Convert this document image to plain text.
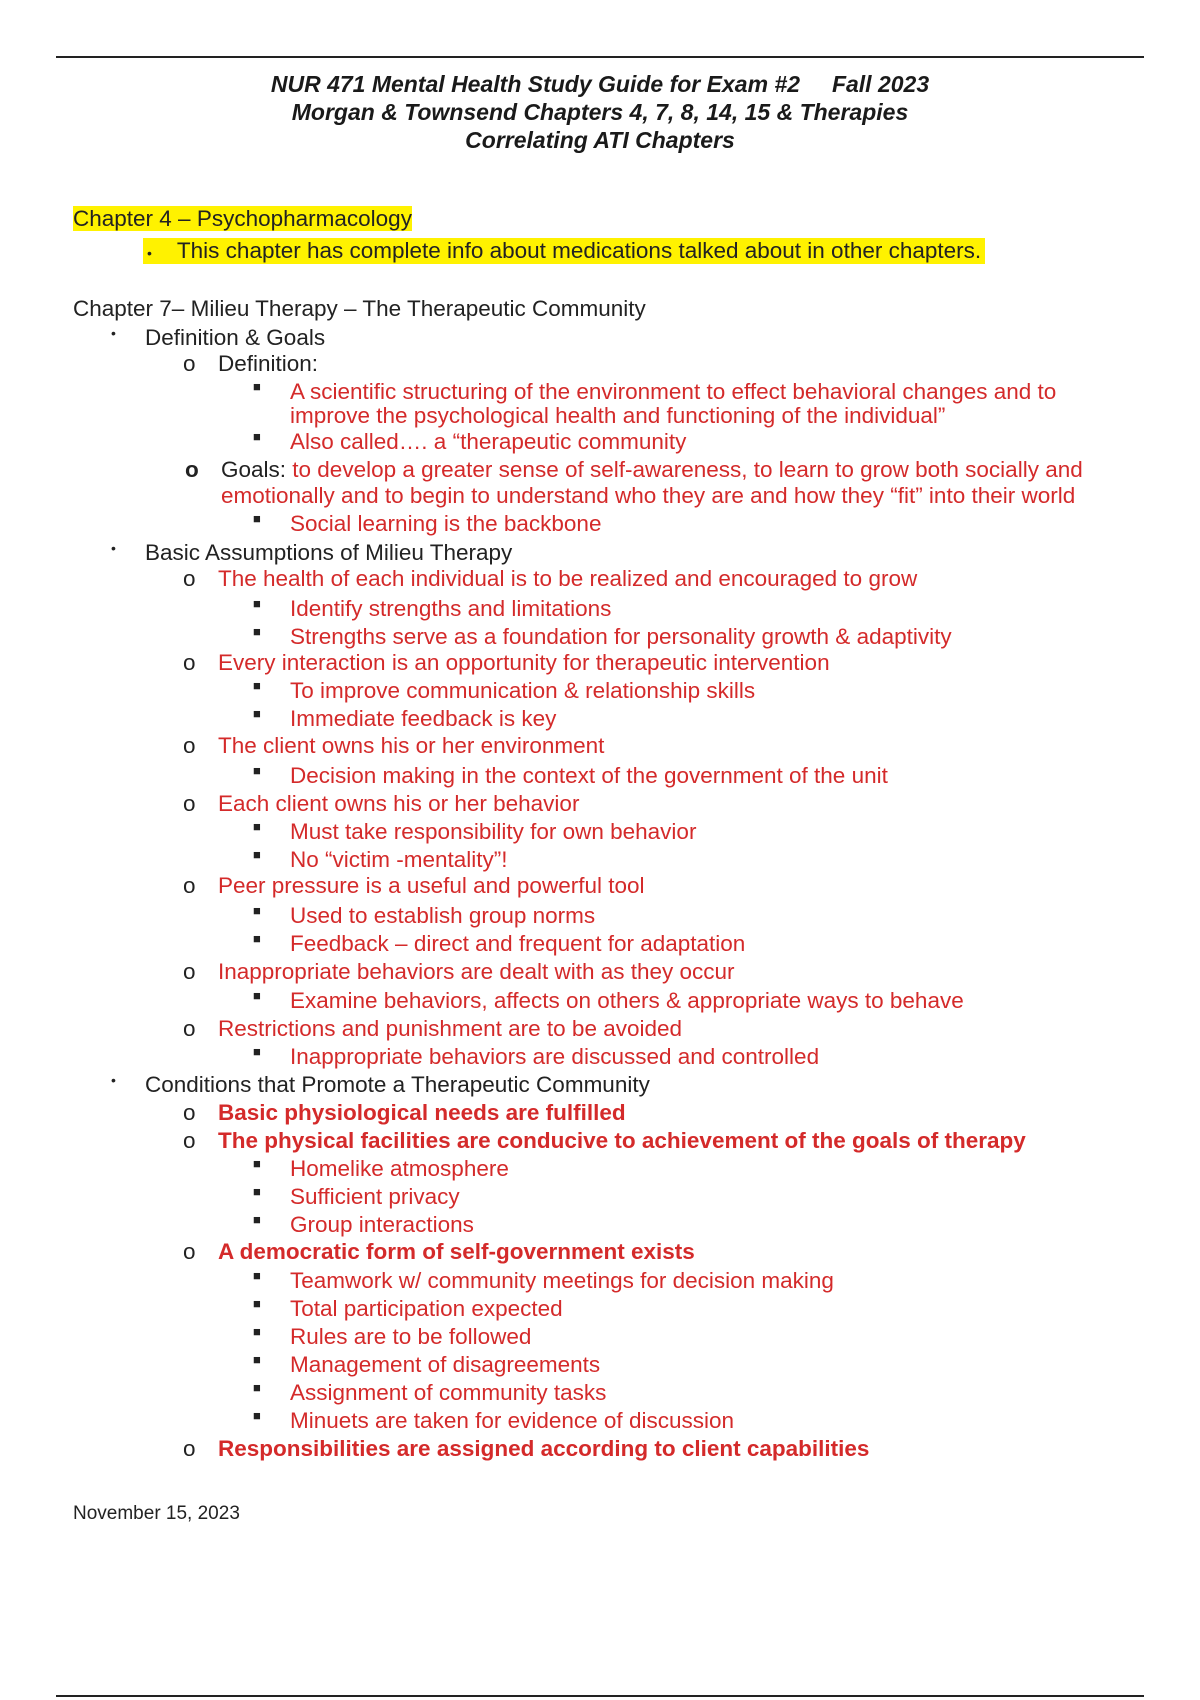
NUR 471 Mental Health Study Guide for Exam #2     Fall 2023
Morgan & Townsend Chapters 4, 7, 8, 14, 15 & Therapies
Correlating ATI Chapters
Chapter 4 – Psychopharmacology
• This chapter has complete info about medications talked about in other chapters.
Chapter 7– Milieu Therapy – The Therapeutic Community
• Definition & Goals
o Definition:
■ A scientific structuring of the environment to effect behavioral changes and to
improve the psychological health and functioning of the individual”
■ Also called…. a “therapeutic community
o Goals: to develop a greater sense of self-awareness, to learn to grow both socially and
emotionally and to begin to understand who they are and how they “fit” into their world
■ Social learning is the backbone
• Basic Assumptions of Milieu Therapy
o The health of each individual is to be realized and encouraged to grow
■ Identify strengths and limitations
■ Strengths serve as a foundation for personality growth & adaptivity
o Every interaction is an opportunity for therapeutic intervention
■ To improve communication & relationship skills
■ Immediate feedback is key
o The client owns his or her environment
■ Decision making in the context of the government of the unit
o Each client owns his or her behavior
■ Must take responsibility for own behavior
■ No “victim -mentality”!
o Peer pressure is a useful and powerful tool
■ Used to establish group norms
■ Feedback – direct and frequent for adaptation
o Inappropriate behaviors are dealt with as they occur
■ Examine behaviors, affects on others & appropriate ways to behave
o Restrictions and punishment are to be avoided
■ Inappropriate behaviors are discussed and controlled
• Conditions that Promote a Therapeutic Community
o Basic physiological needs are fulfilled
o The physical facilities are conducive to achievement of the goals of therapy
■ Homelike atmosphere
■ Sufficient privacy
■ Group interactions
o A democratic form of self-government exists
■ Teamwork w/ community meetings for decision making
■ Total participation expected
■ Rules are to be followed
■ Management of disagreements
■ Assignment of community tasks
■ Minuets are taken for evidence of discussion
o Responsibilities are assigned according to client capabilities
November 15, 2023
